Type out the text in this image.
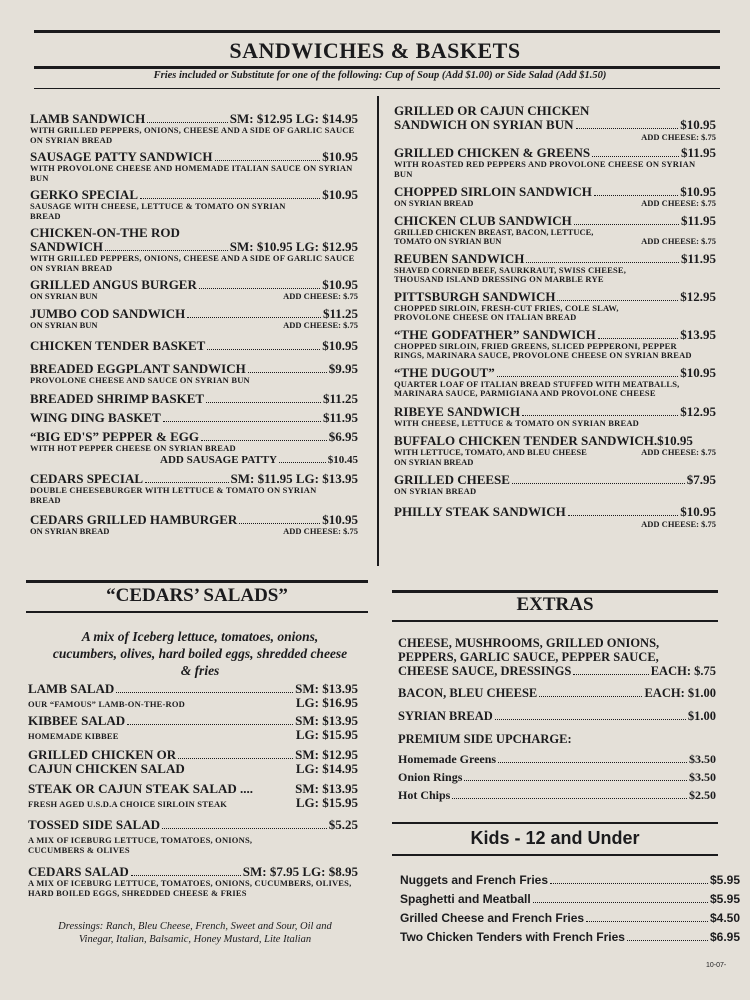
SANDWICHES & BASKETS
Fries included or Substitute for one of the following: Cup of Soup (Add $1.00) or Side Salad (Add $1.50)
LAMB SANDWICH	SM: $12.95 LG: $14.95
WITH GRILLED PEPPERS, ONIONS, CHEESE AND A SIDE OF GARLIC SAUCE ON SYRIAN BREAD
SAUSAGE PATTY SANDWICH	$10.95
WITH PROVOLONE CHEESE AND HOMEMADE ITALIAN SAUCE ON SYRIAN BUN
GERKO SPECIAL	$10.95
SAUSAGE WITH CHEESE, LETTUCE & TOMATO ON SYRIAN BREAD
CHICKEN-ON-THE ROD
SANDWICH	SM: $10.95 LG: $12.95
WITH GRILLED PEPPERS, ONIONS, CHEESE AND A SIDE OF GARLIC SAUCE ON SYRIAN BREAD
GRILLED ANGUS BURGER	$10.95
ON SYRIAN BUN	ADD CHEESE: $.75
JUMBO COD SANDWICH	$11.25
ON SYRIAN BUN	ADD CHEESE: $.75
CHICKEN TENDER BASKET	$10.95
BREADED EGGPLANT SANDWICH	$9.95
PROVOLONE CHEESE AND SAUCE ON SYRIAN BUN
BREADED SHRIMP BASKET	$11.25
WING DING BASKET	$11.95
“BIG ED'S” PEPPER & EGG	$6.95
WITH HOT PEPPER CHEESE ON SYRIAN BREAD
ADD SAUSAGE PATTY	$10.45
CEDARS SPECIAL	SM: $11.95 LG: $13.95
DOUBLE CHEESEBURGER WITH LETTUCE & TOMATO ON SYRIAN BREAD
CEDARS GRILLED HAMBURGER	$10.95
ON SYRIAN BREAD	ADD CHEESE: $.75
GRILLED OR CAJUN CHICKEN
SANDWICH ON SYRIAN BUN	$10.95
ADD CHEESE: $.75
GRILLED CHICKEN & GREENS	$11.95
WITH ROASTED RED PEPPERS AND PROVOLONE CHEESE ON SYRIAN BUN
CHOPPED SIRLOIN SANDWICH	$10.95
ON SYRIAN BREAD	ADD CHEESE: $.75
CHICKEN CLUB SANDWICH	$11.95
GRILLED CHICKEN BREAST, BACON, LETTUCE, TOMATO ON SYRIAN BUN	ADD CHEESE: $.75
REUBEN SANDWICH	$11.95
SHAVED CORNED BEEF, SAURKRAUT, SWISS CHEESE, THOUSAND ISLAND DRESSING ON MARBLE RYE
PITTSBURGH SANDWICH	$12.95
CHOPPED SIRLOIN, FRESH-CUT FRIES, COLE SLAW, PROVOLONE CHEESE ON ITALIAN BREAD
“THE GODFATHER” SANDWICH	$13.95
CHOPPED SIRLOIN, FRIED GREENS, SLICED PEPPERONI, PEPPER RINGS, MARINARA SAUCE, PROVOLONE CHEESE ON SYRIAN BREAD
“THE DUGOUT”	$10.95
QUARTER LOAF OF ITALIAN BREAD STUFFED WITH MEATBALLS, MARINARA SAUCE, PARMIGIANA AND PROVOLONE CHEESE
RIBEYE SANDWICH	$12.95
WITH CHEESE, LETTUCE & TOMATO ON SYRIAN BREAD
BUFFALO CHICKEN TENDER SANDWICH. $10.95
WITH LETTUCE, TOMATO, AND BLEU CHEESE ON SYRIAN BREAD
ADD CHEESE: $.75
GRILLED CHEESE	$7.95
ON SYRIAN BREAD
PHILLY STEAK SANDWICH	$10.95
ADD CHEESE: $.75
“CEDARS’ SALADS”
A mix of Iceberg lettuce, tomatoes, onions, cucumbers, olives, hard boiled eggs, shredded cheese & fries
LAMB SALAD	SM: $13.95
OUR “FAMOUS” LAMB-ON-THE-ROD	LG: $16.95
KIBBEE SALAD	SM: $13.95
HOMEMADE KIBBEE	LG: $15.95
GRILLED CHICKEN OR	SM: $12.95
CAJUN CHICKEN SALAD	LG: $14.95
STEAK OR CAJUN STEAK SALAD ....	SM: $13.95
FRESH AGED U.S.D.A CHOICE SIRLOIN STEAK	LG: $15.95
TOSSED SIDE SALAD	$5.25
A MIX OF ICEBURG LETTUCE, TOMATOES, ONIONS, CUCUMBERS & OLIVES
CEDARS SALAD	SM: $7.95 LG: $8.95
A MIX OF ICEBURG LETTUCE, TOMATOES, ONIONS, CUCUMBERS, OLIVES, HARD BOILED EGGS, SHREDDED CHEESE & FRIES
Dressings: Ranch, Bleu Cheese, French, Sweet and Sour, Oil and Vinegar, Italian, Balsamic, Honey Mustard, Lite Italian
EXTRAS
CHEESE, MUSHROOMS, GRILLED ONIONS,
PEPPERS, GARLIC SAUCE, PEPPER SAUCE,
CHEESE SAUCE, DRESSINGS	EACH: $.75
BACON, BLEU CHEESE	EACH: $1.00
SYRIAN BREAD	$1.00
PREMIUM SIDE UPCHARGE:
Homemade Greens	$3.50
Onion Rings	$3.50
Hot Chips	$2.50
Kids - 12 and Under
Nuggets and French Fries	$5.95
Spaghetti and Meatball	$5.95
Grilled Cheese and French Fries	$4.50
Two Chicken Tenders with French Fries	$6.95
10-07-
